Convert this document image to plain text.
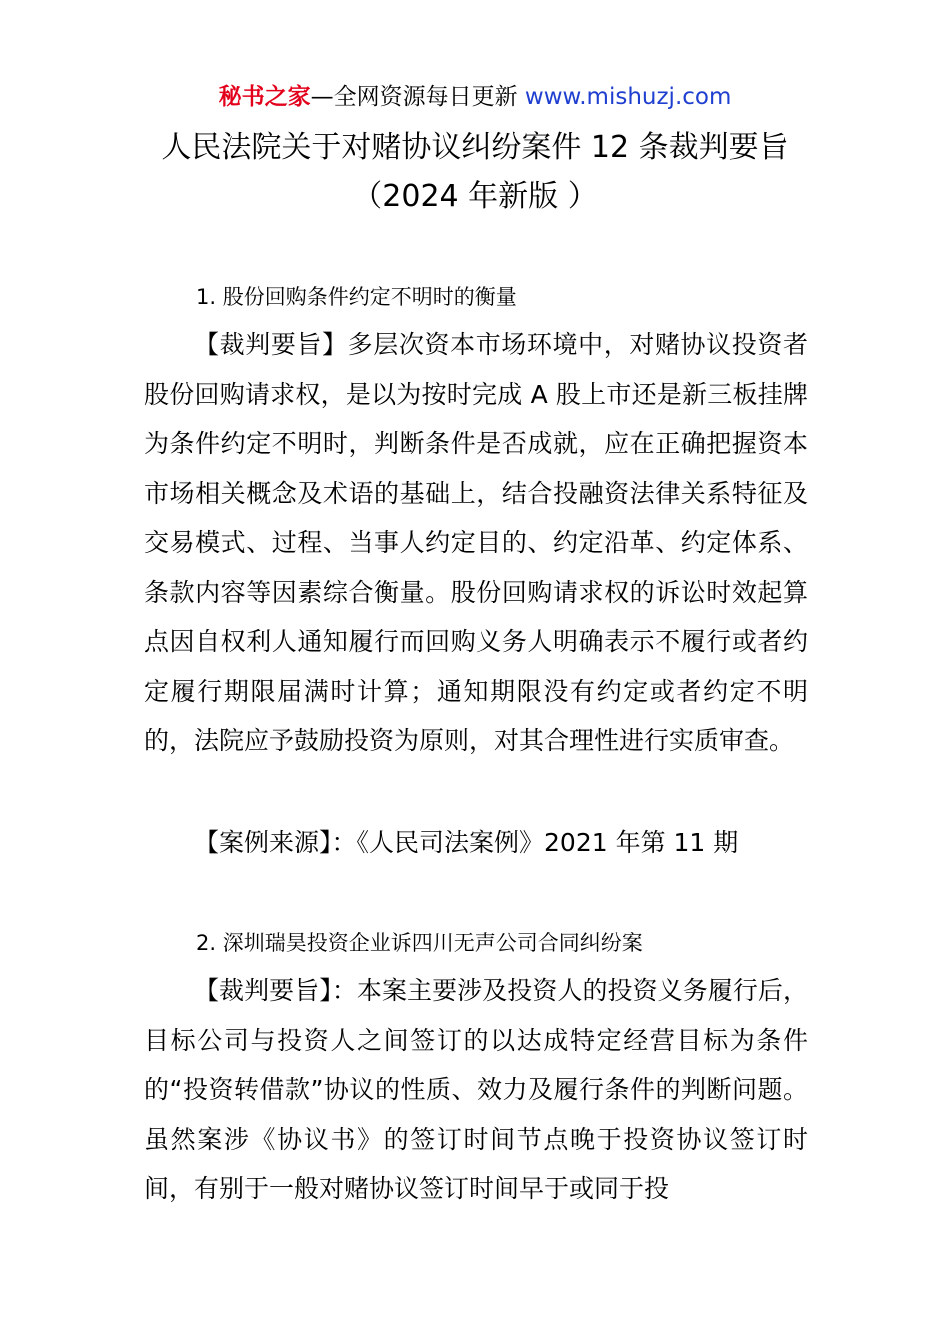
秘书之家—全网资源每日更新 www.mishuzj.com
人民法院关于对赌协议纠纷案件 12 条裁判要旨
（2024 年新版 ）
1. 股份回购条件约定不明时的衡量

【裁判要旨】多层次资本市场环境中，对赌协议投资者股份回购请求权，是以为按时完成 A 股上市还是新三板挂牌为条件约定不明时，判断条件是否成就，应在正确把握资本市场相关概念及术语的基础上，结合投融资法律关系特征及交易模式、过程、当事人约定目的、约定沿革、约定体系、条款内容等因素综合衡量。股份回购请求权的诉讼时效起算点因自权利人通知履行而回购义务人明确表示不履行或者约定履行期限届满时计算；通知期限没有约定或者约定不明的，法院应予鼓励投资为原则，对其合理性进行实质审查。

【案例来源】：《人民司法案例》2021 年第 11 期
2. 深圳瑞昊投资企业诉四川无声公司合同纠纷案

【裁判要旨】：本案主要涉及投资人的投资义务履行后，目标公司与投资人之间签订的以达成特定经营目标为条件的“投资转借款”协议的性质、效力及履行条件的判断问题。虽然案涉《协议书》的签订时间节点晚于投资协议签订时间，有别于一般对赌协议签订时间早于或同于投
